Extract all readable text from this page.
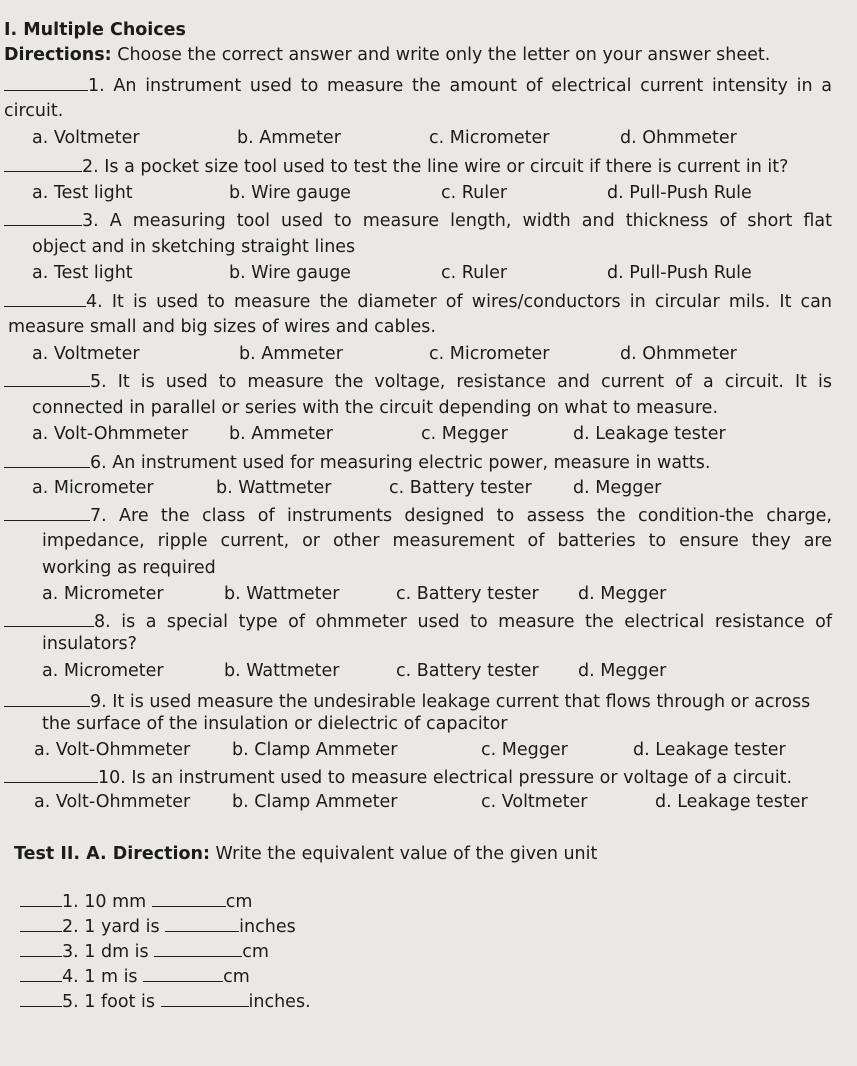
I. Multiple Choices
Directions: Choose the correct answer and write only the letter on your answer sheet.
1. An instrument used to measure the amount of electrical current intensity in a
circuit.
a. Voltmeter	b. Ammeter	c. Micrometer	d. Ohmmeter
2. Is a pocket size tool used to test the line wire or circuit if there is current in it?
a. Test light	b. Wire gauge	c. Ruler	d. Pull-Push Rule
3. A measuring tool used to measure length, width and thickness of short flat
object and in sketching straight lines
a. Test light	b. Wire gauge	c. Ruler	d. Pull-Push Rule
4. It is used to measure the diameter of wires/conductors in circular mils. It can
measure small and big sizes of wires and cables.
a. Voltmeter	b. Ammeter	c. Micrometer	d. Ohmmeter
5. It is used to measure the voltage, resistance and current of a circuit. It is
connected in parallel or series with the circuit depending on what to measure.
a. Volt-Ohmmeter b. Ammeter	c. Megger	d. Leakage tester
6. An instrument used for measuring electric power, measure in watts.
a. Micrometer	b. Wattmeter	c. Battery tester d. Megger
7. Are the class of instruments designed to assess the condition-the charge,
impedance, ripple current, or other measurement of batteries to ensure they are
working as required
a. Micrometer	b. Wattmeter	c. Battery tester d. Megger
8. is a special type of ohmmeter used to measure the electrical resistance of
insulators?
a. Micrometer	b. Wattmeter	c. Battery tester d. Megger
9. It is used measure the undesirable leakage current that flows through or across
the surface of the insulation or dielectric of capacitor
a. Volt-Ohmmeter b. Clamp Ammeter	c. Megger	d. Leakage tester
10. Is an instrument used to measure electrical pressure or voltage of a circuit.
a. Volt-Ohmmeter b. Clamp Ammeter	c. Voltmeter	d. Leakage tester
Test II. A. Direction: Write the equivalent value of the given unit
1. 10 mm	cm
2. 1 yard is	inches
3. 1 dm is	cm
4. 1 m is	cm
5. 1 foot is	inches.
